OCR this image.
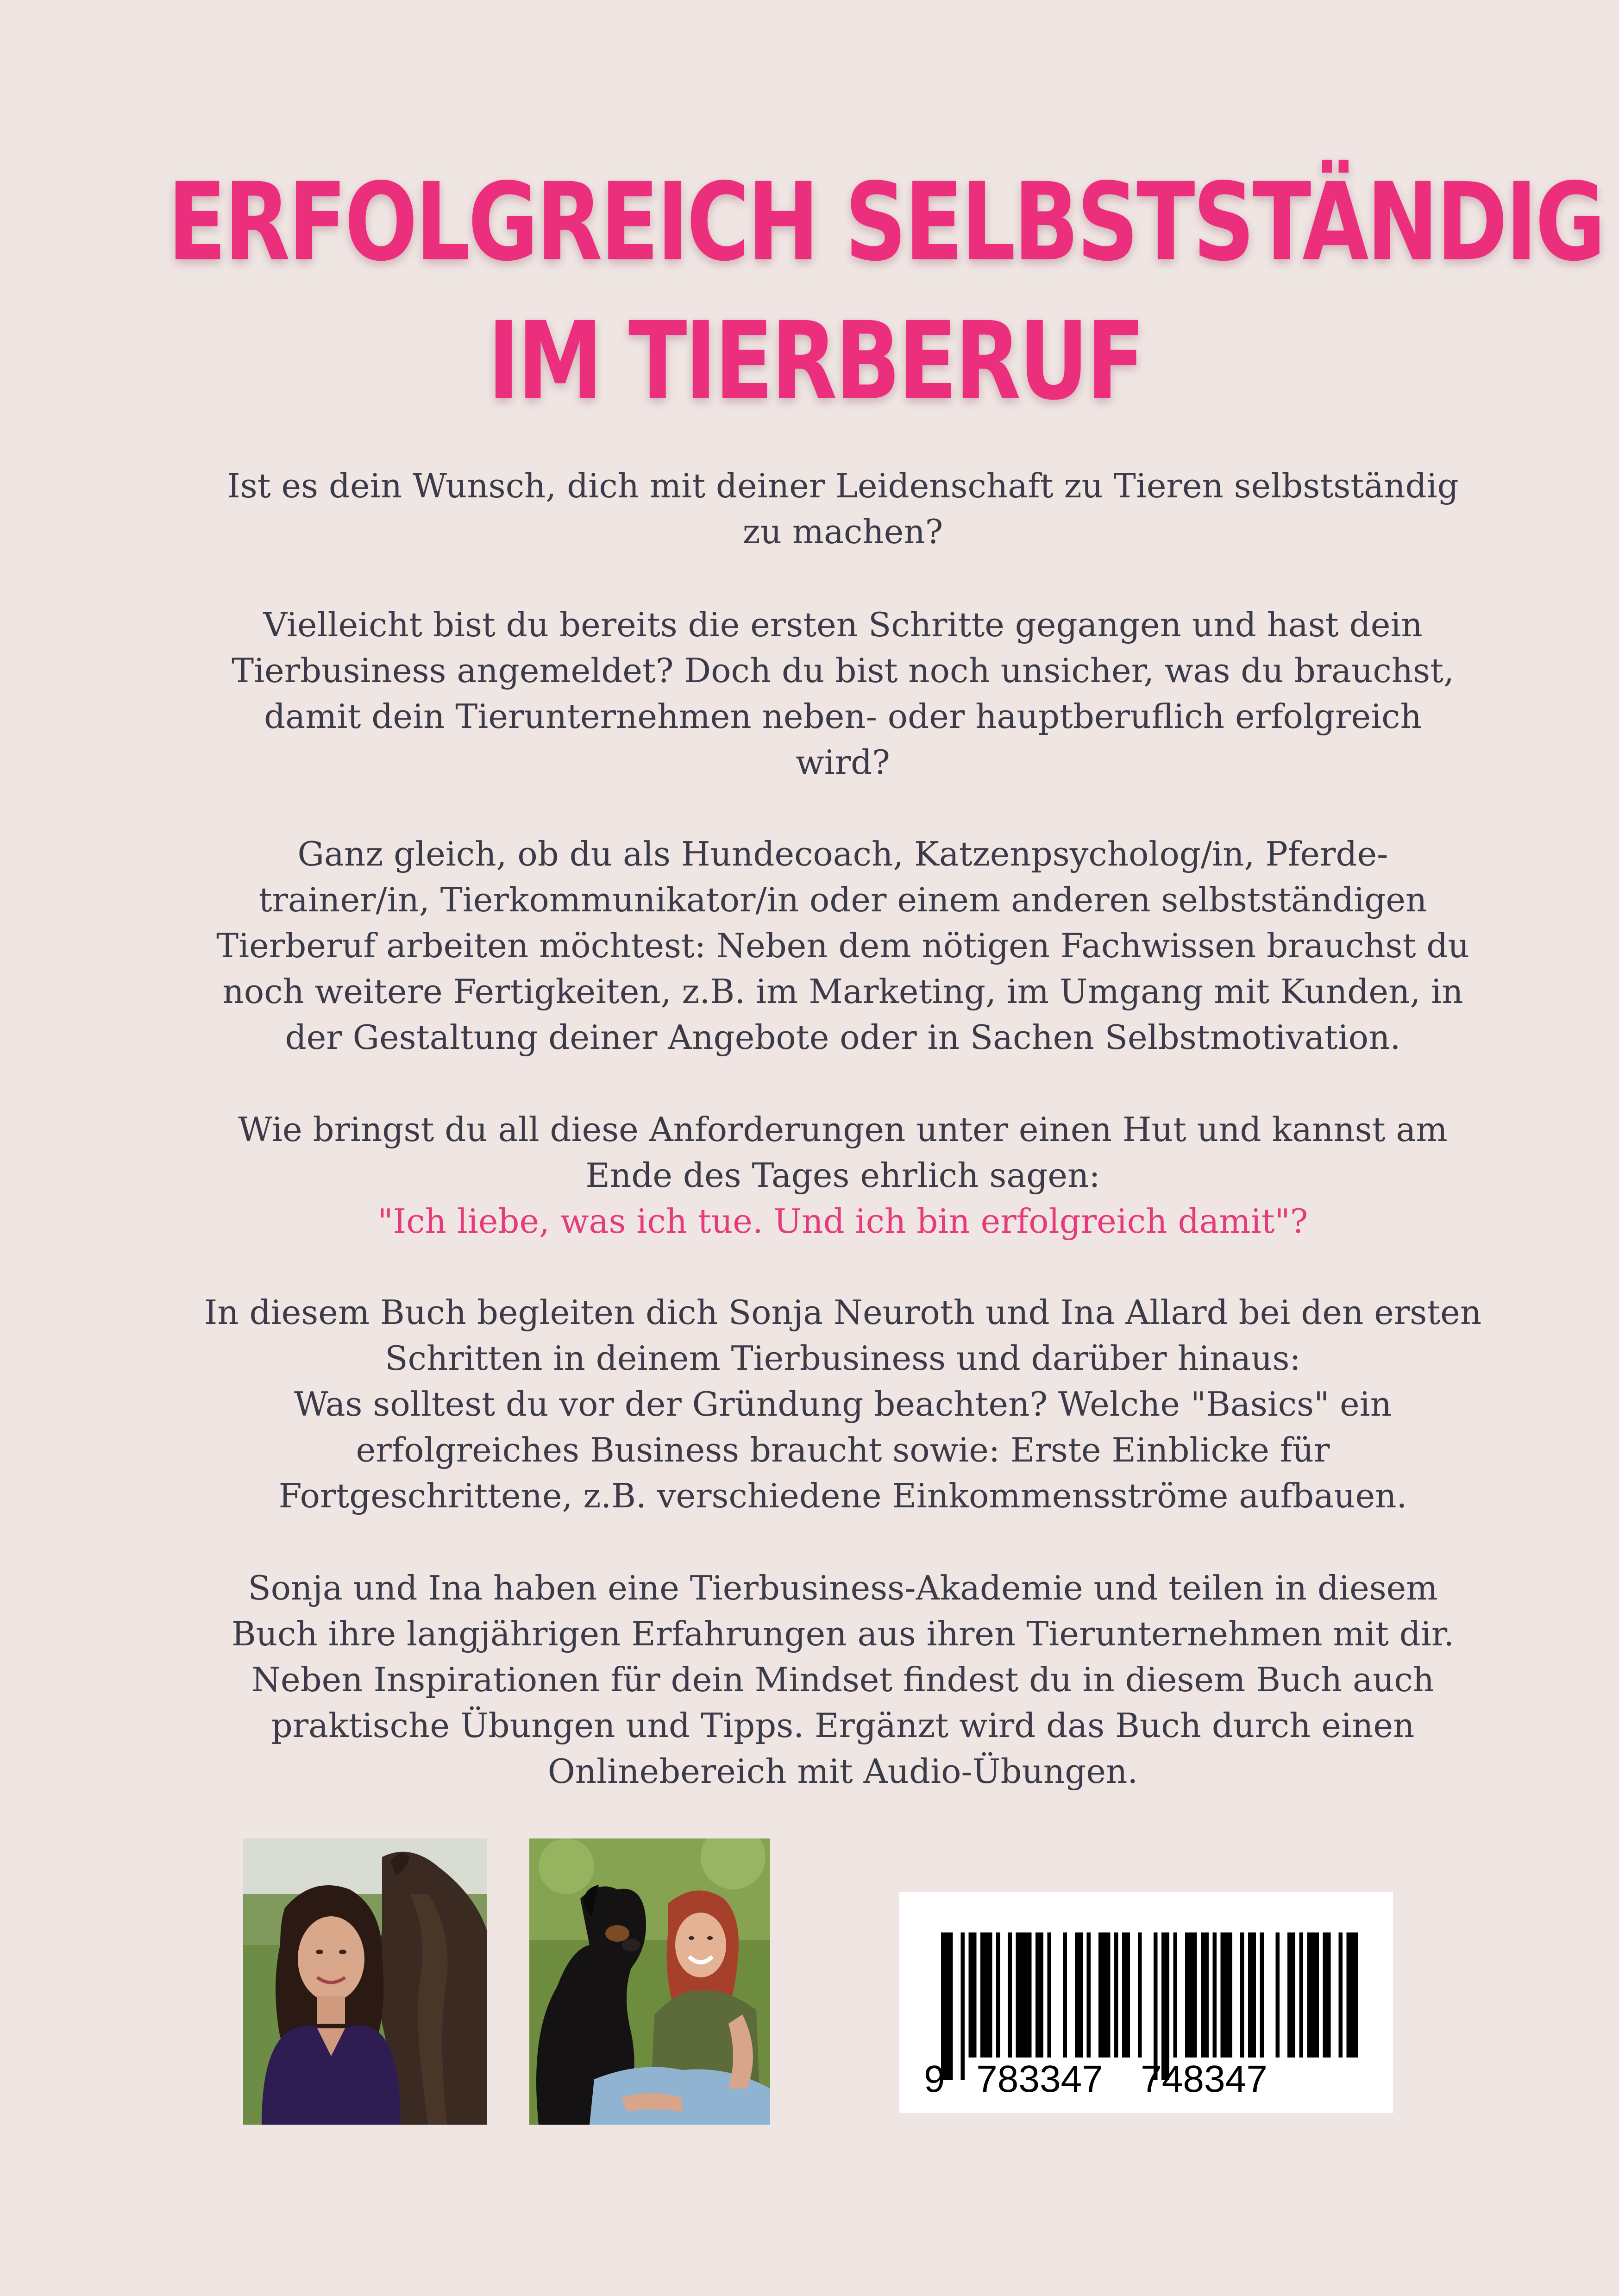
ERFOLGREICH SELBSTSTÄNDIG
IM TIERBERUF
Ist es dein Wunsch, dich mit deiner Leidenschaft zu Tieren selbstständig
zu machen?
Vielleicht bist du bereits die ersten Schritte gegangen und hast dein
Tierbusiness angemeldet? Doch du bist noch unsicher, was du brauchst,
damit dein Tierunternehmen neben- oder hauptberuflich erfolgreich
wird?
Ganz gleich, ob du als Hundecoach, Katzenpsycholog/in, Pferde-
trainer/in, Tierkommunikator/in oder einem anderen selbstständigen
Tierberuf arbeiten möchtest: Neben dem nötigen Fachwissen brauchst du
noch weitere Fertigkeiten, z.B. im Marketing, im Umgang mit Kunden, in
der Gestaltung deiner Angebote oder in Sachen Selbstmotivation.
Wie bringst du all diese Anforderungen unter einen Hut und kannst am
Ende des Tages ehrlich sagen:
"Ich liebe, was ich tue. Und ich bin erfolgreich damit"?
In diesem Buch begleiten dich Sonja Neuroth und Ina Allard bei den ersten
Schritten in deinem Tierbusiness und darüber hinaus:
Was solltest du vor der Gründung beachten? Welche "Basics" ein
erfolgreiches Business braucht sowie: Erste Einblicke für
Fortgeschrittene, z.B. verschiedene Einkommensströme aufbauen.
Sonja und Ina haben eine Tierbusiness-Akademie und teilen in diesem
Buch ihre langjährigen Erfahrungen aus ihren Tierunternehmen mit dir.
Neben Inspirationen für dein Mindset findest du in diesem Buch auch
praktische Übungen und Tipps. Ergänzt wird das Buch durch einen
Onlinebereich mit Audio-Übungen.
9 783347 748347
